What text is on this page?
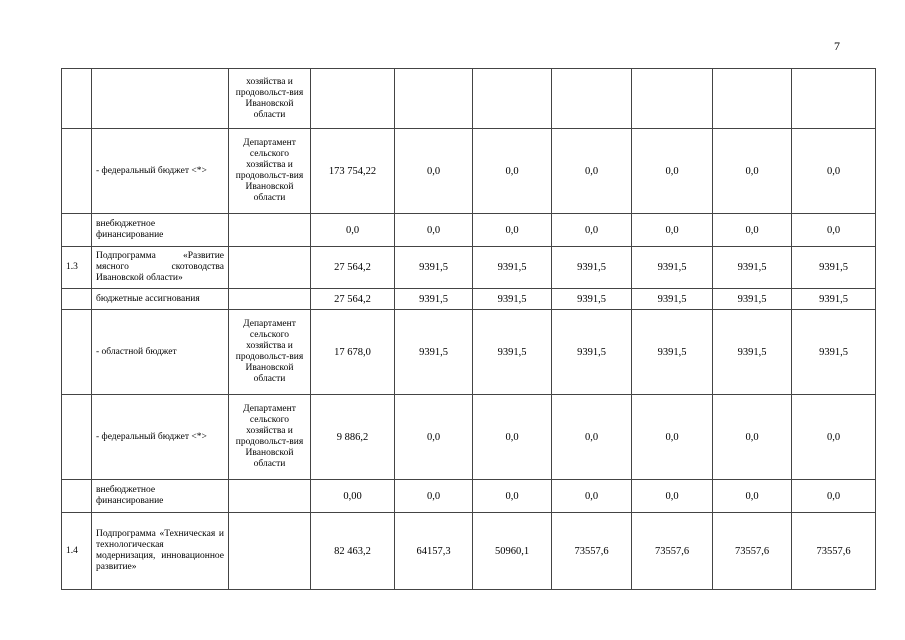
7
		хозяйства и продовольст-вия Ивановской области							
	- федеральный бюджет <*>	Департамент сельского хозяйства и продовольст-вия Ивановской области	173 754,22	0,0	0,0	0,0	0,0	0,0	0,0
	внебюджетное финансирование		0,0	0,0	0,0	0,0	0,0	0,0	0,0
1.3	Подпрограмма «Развитие мясного скотоводства Ивановской области»		27 564,2	9391,5	9391,5	9391,5	9391,5	9391,5	9391,5
	бюджетные ассигнования		27 564,2	9391,5	9391,5	9391,5	9391,5	9391,5	9391,5
	- областной бюджет	Департамент сельского хозяйства и продовольст-вия Ивановской области	17 678,0	9391,5	9391,5	9391,5	9391,5	9391,5	9391,5
	- федеральный бюджет <*>	Департамент сельского хозяйства и продовольст-вия Ивановской области	9 886,2	0,0	0,0	0,0	0,0	0,0	0,0
	внебюджетное финансирование		0,00	0,0	0,0	0,0	0,0	0,0	0,0
1.4	Подпрограмма «Техническая и технологическая модернизация, инновационное развитие»		82 463,2	64157,3	50960,1	73557,6	73557,6	73557,6	73557,6
